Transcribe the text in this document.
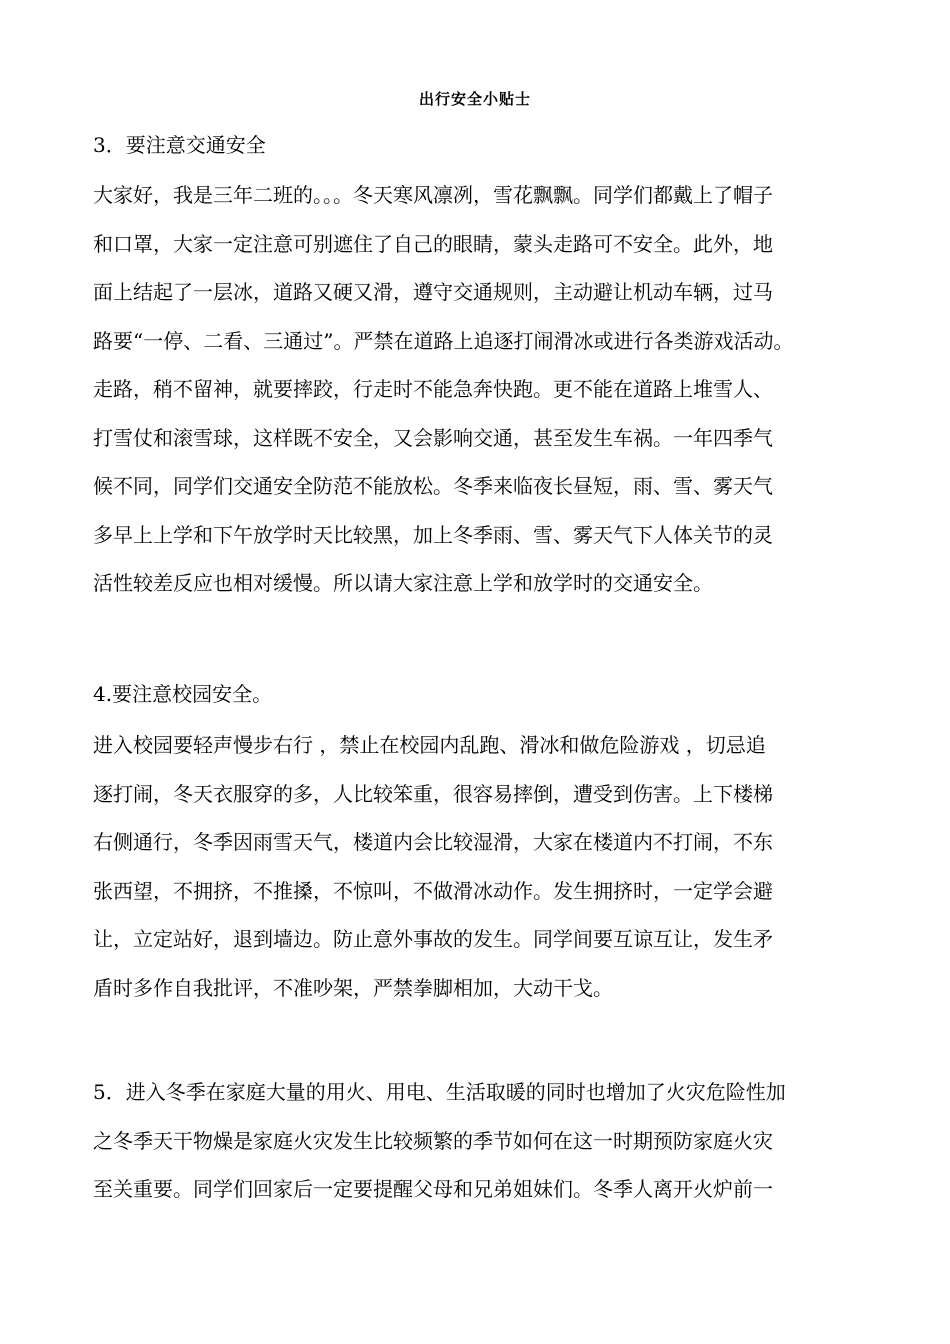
出行安全小贴士
3．要注意交通安全
大家好，我是三年二班的。。。冬天寒风凛冽，雪花飘飘。同学们都戴上了帽子
和口罩，大家一定注意可别遮住了自己的眼睛，蒙头走路可不安全。此外，地
面上结起了一层冰，道路又硬又滑，遵守交通规则，主动避让机动车辆，过马
路要“一停、二看、三通过”。严禁在道路上追逐打闹滑冰或进行各类游戏活动。
走路，稍不留神，就要摔跤，行走时不能急奔快跑。更不能在道路上堆雪人、
打雪仗和滚雪球，这样既不安全，又会影响交通，甚至发生车祸。一年四季气
候不同，同学们交通安全防范不能放松。冬季来临夜长昼短，雨、雪、雾天气
多早上上学和下午放学时天比较黑，加上冬季雨、雪、雾天气下人体关节的灵
活性较差反应也相对缓慢。所以请大家注意上学和放学时的交通安全。
4.要注意校园安全。
进入校园要轻声慢步右行 ，禁止在校园内乱跑、滑冰和做危险游戏 ，切忌追
逐打闹，冬天衣服穿的多，人比较笨重，很容易摔倒，遭受到伤害。上下楼梯
右侧通行，冬季因雨雪天气，楼道内会比较湿滑，大家在楼道内不打闹，不东
张西望，不拥挤，不推搡，不惊叫，不做滑冰动作。发生拥挤时，一定学会避
让，立定站好，退到墙边。防止意外事故的发生。同学间要互谅互让，发生矛
盾时多作自我批评，不准吵架，严禁拳脚相加，大动干戈。
5．进入冬季在家庭大量的用火、用电、生活取暖的同时也增加了火灾危险性加
之冬季天干物燥是家庭火灾发生比较频繁的季节如何在这一时期预防家庭火灾
至关重要。同学们回家后一定要提醒父母和兄弟姐妹们。冬季人离开火炉前一
